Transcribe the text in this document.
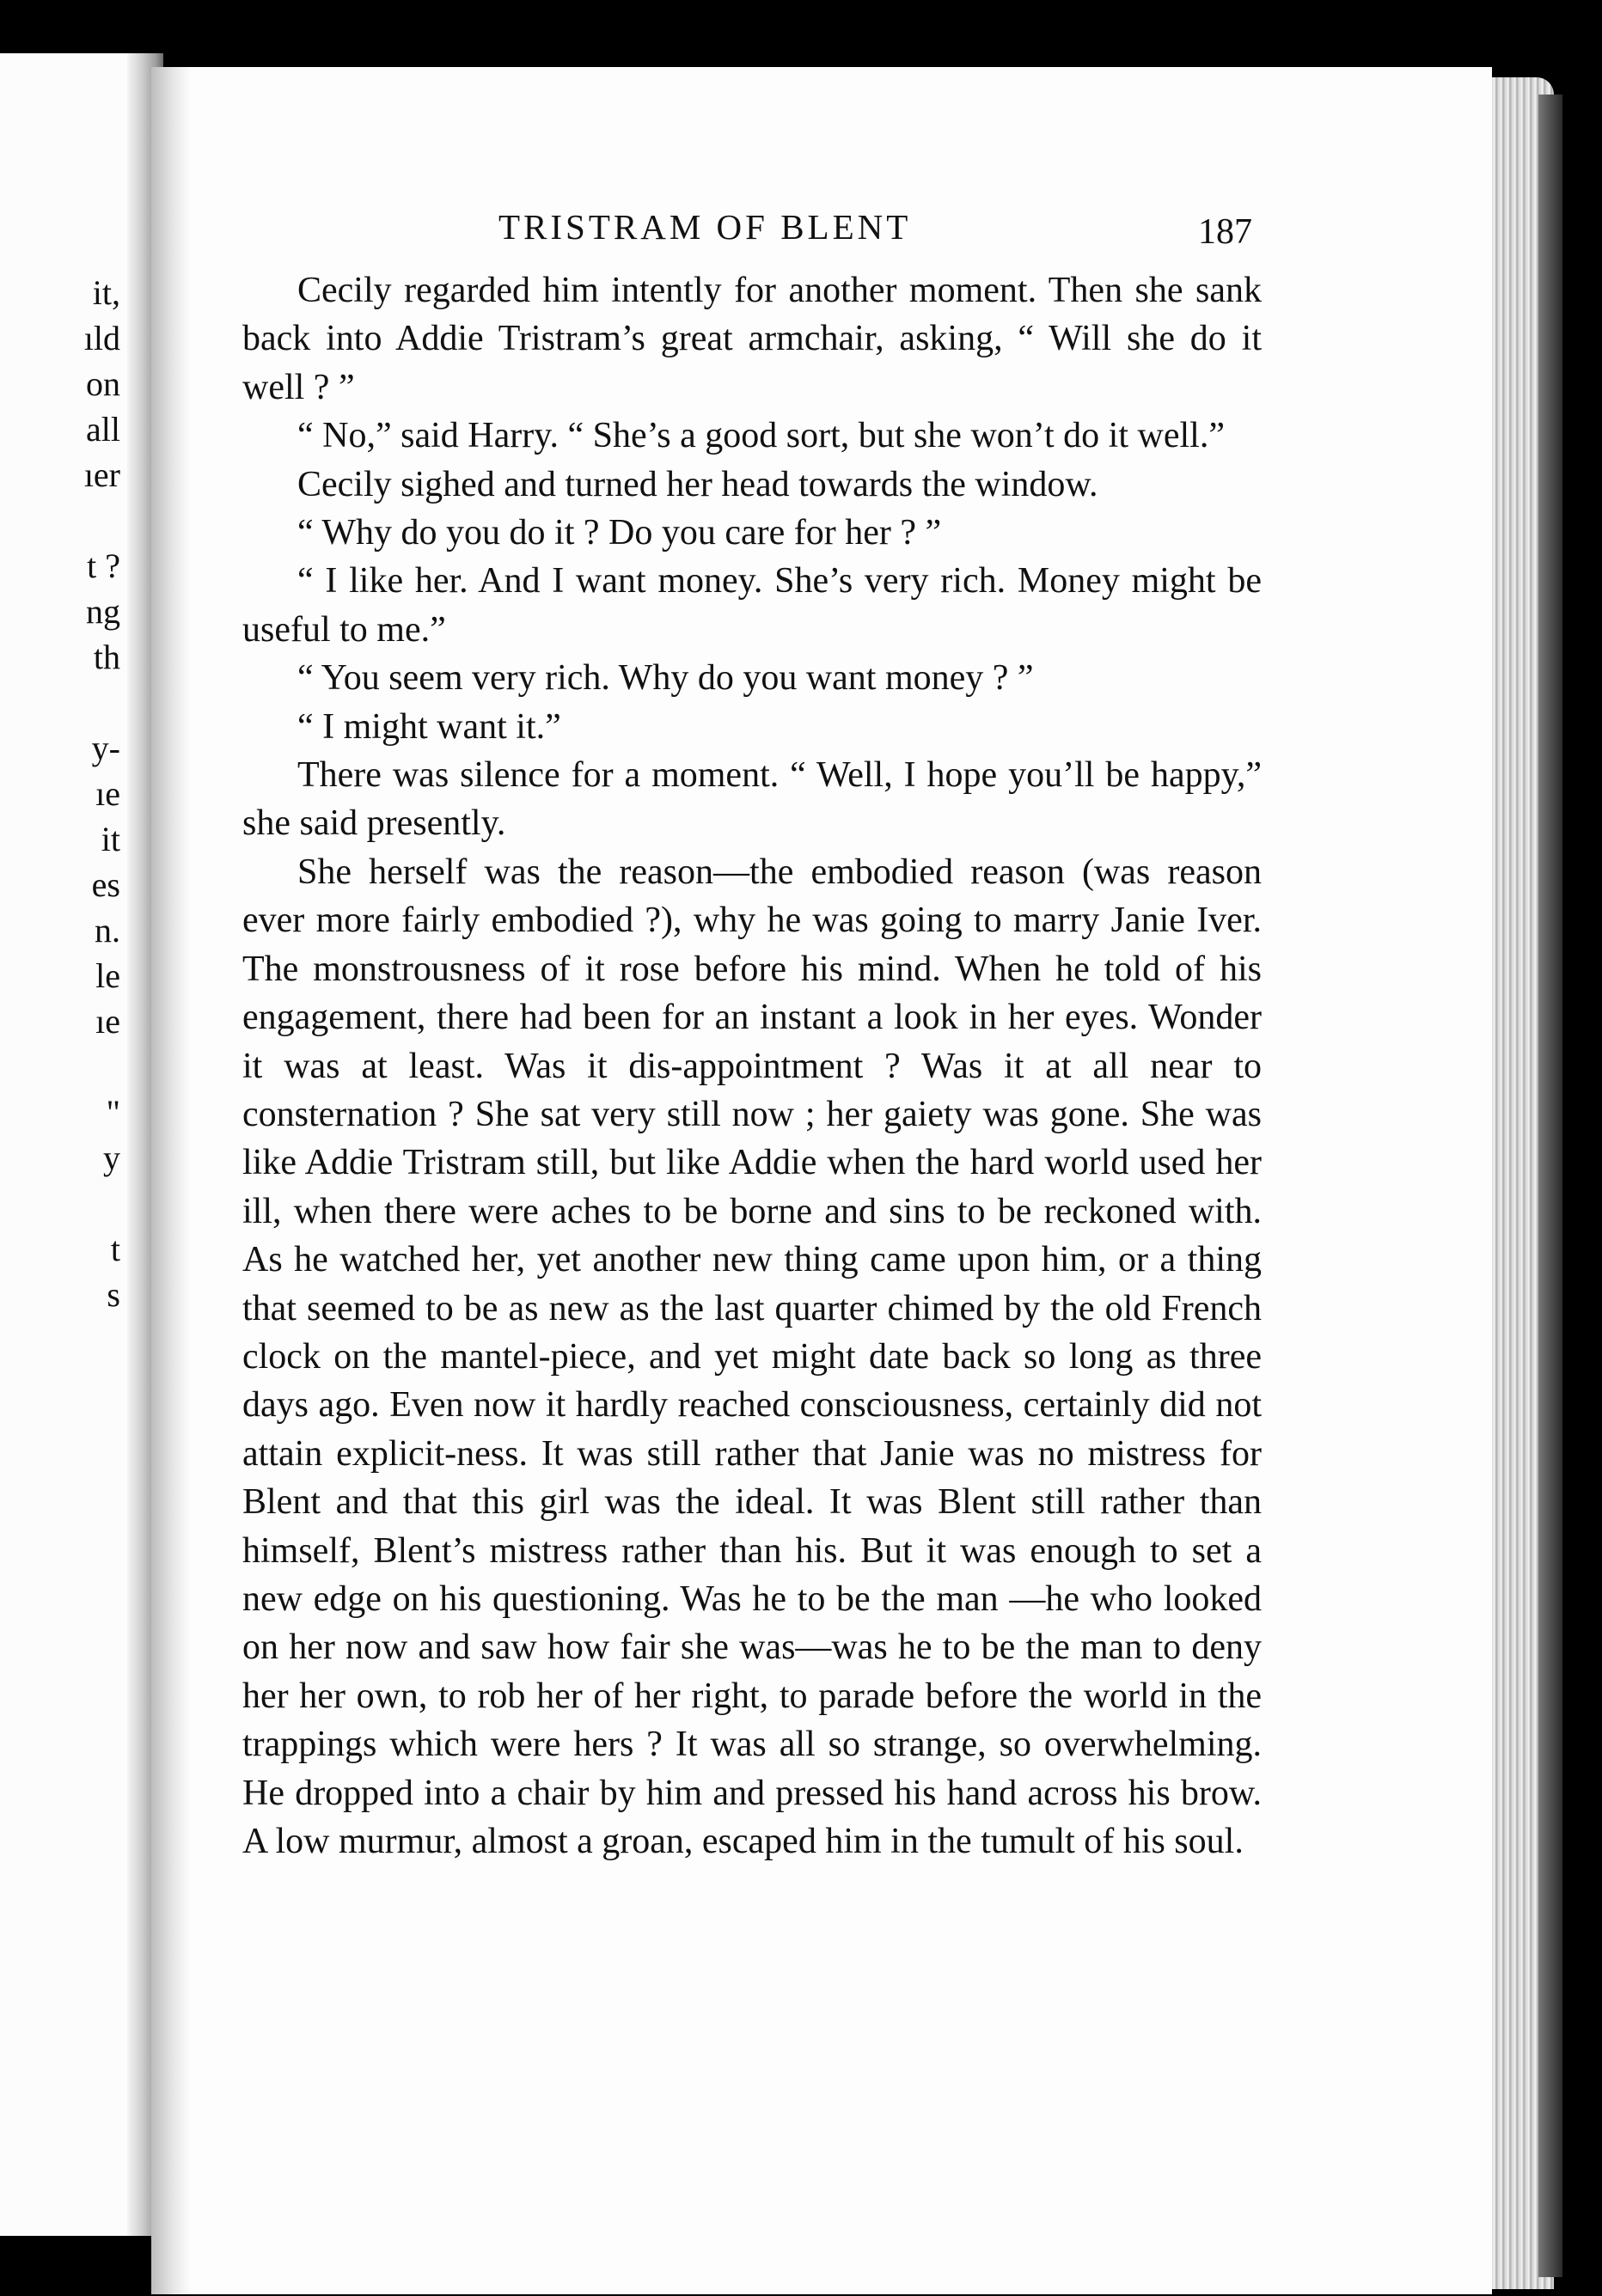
it,
ıld
on
all
ıer

t ?
ng
th

y-
ıe
it
es
n.
le
ıe

"
y

t
s
TRISTRAM OF BLENT	187

Cecily regarded him intently for another moment. Then she sank back into Addie Tristram’s great armchair, asking, “ Will she do it well ? ”

“ No,” said Harry. “ She’s a good sort, but she won’t do it well.”

Cecily sighed and turned her head towards the window.

“ Why do you do it ? Do you care for her ? ”

“ I like her. And I want money. She’s very rich. Money might be useful to me.”

“ You seem very rich. Why do you want money ? ”

“ I might want it.”

There was silence for a moment. “ Well, I hope you’ll be happy,” she said presently.

She herself was the reason—the embodied reason (was reason ever more fairly embodied ?), why he was going to marry Janie Iver. The monstrousness of it rose before his mind. When he told of his engagement, there had been for an instant a look in her eyes. Wonder it was at least. Was it dis-appointment ? Was it at all near to consternation ? She sat very still now ; her gaiety was gone. She was like Addie Tristram still, but like Addie when the hard world used her ill, when there were aches to be borne and sins to be reckoned with. As he watched her, yet another new thing came upon him, or a thing that seemed to be as new as the last quarter chimed by the old French clock on the mantel-piece, and yet might date back so long as three days ago. Even now it hardly reached consciousness, certainly did not attain explicit-ness. It was still rather that Janie was no mistress for Blent and that this girl was the ideal. It was Blent still rather than himself, Blent’s mistress rather than his. But it was enough to set a new edge on his questioning. Was he to be the man —he who looked on her now and saw how fair she was—was he to be the man to deny her her own, to rob her of her right, to parade before the world in the trappings which were hers ? It was all so strange, so overwhelming. He dropped into a chair by him and pressed his hand across his brow. A low murmur, almost a groan, escaped him in the tumult of his soul.
